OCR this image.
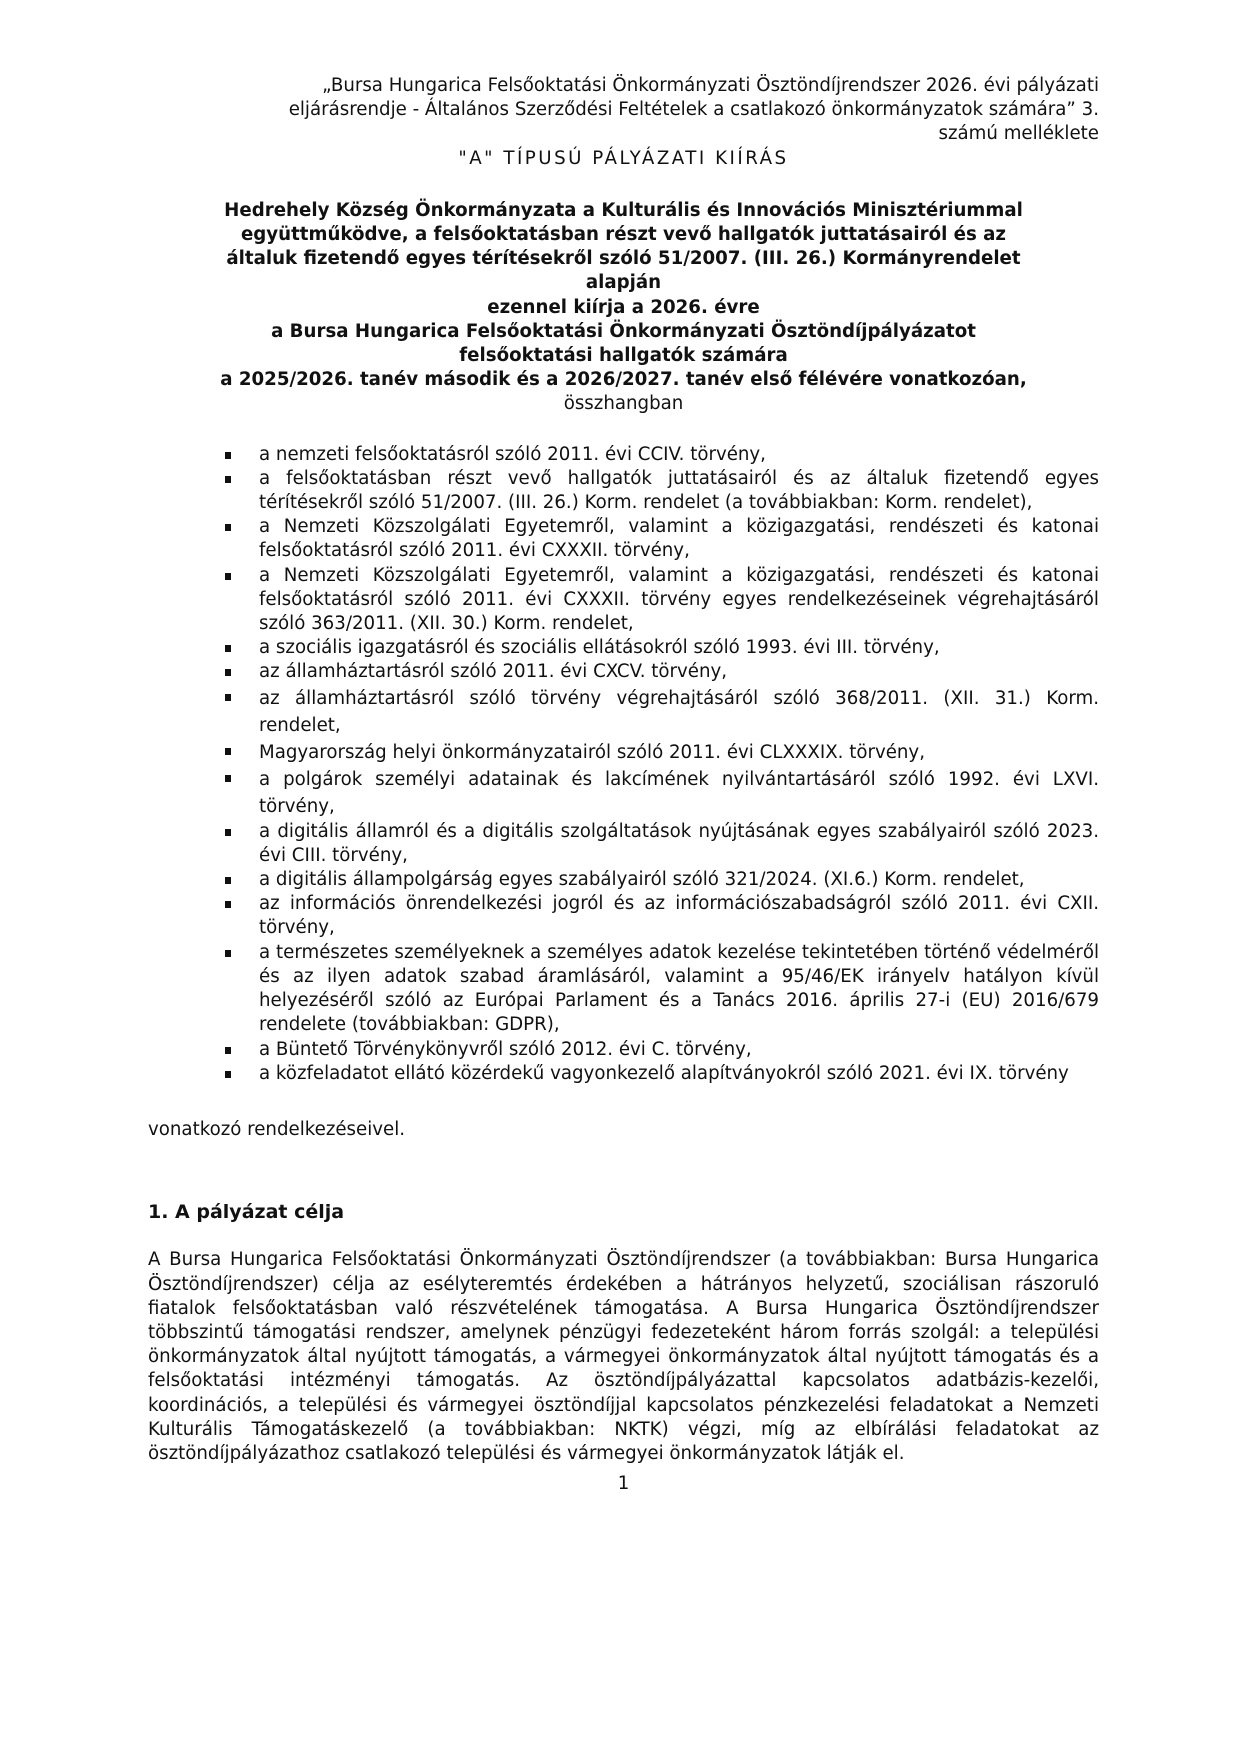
„Bursa Hungarica Felsőoktatási Önkormányzati Ösztöndíjrendszer 2026. évi pályázati
eljárásrendje - Általános Szerződési Feltételek a csatlakozó önkormányzatok számára” 3.
számú melléklete
"A" TÍPUSÚ PÁLYÁZATI KIÍRÁS
Hedrehely Község Önkormányzata a Kulturális és Innovációs Minisztériummal
együttműködve, a felsőoktatásban részt vevő hallgatók juttatásairól és az
általuk fizetendő egyes térítésekről szóló 51/2007. (III. 26.) Kormányrendelet
alapján
ezennel kiírja a 2026. évre
a Bursa Hungarica Felsőoktatási Önkormányzati Ösztöndíjpályázatot
felsőoktatási hallgatók számára
a 2025/2026. tanév második és a 2026/2027. tanév első félévére vonatkozóan,
összhangban
a nemzeti felsőoktatásról szóló 2011. évi CCIV. törvény,
a felsőoktatásban részt vevő hallgatók juttatásairól és az általuk fizetendő egyes térítésekről szóló 51/2007. (III. 26.) Korm. rendelet (a továbbiakban: Korm. rendelet),
a Nemzeti Közszolgálati Egyetemről, valamint a közigazgatási, rendészeti és katonai felsőoktatásról szóló 2011. évi CXXXII. törvény,
a Nemzeti Közszolgálati Egyetemről, valamint a közigazgatási, rendészeti és katonai felsőoktatásról szóló 2011. évi CXXXII. törvény egyes rendelkezéseinek végrehajtásáról szóló 363/2011. (XII. 30.) Korm. rendelet,
a szociális igazgatásról és szociális ellátásokról szóló 1993. évi III. törvény,
az államháztartásról szóló 2011. évi CXCV. törvény,
az államháztartásról szóló törvény végrehajtásáról szóló 368/2011. (XII. 31.) Korm. rendelet,
Magyarország helyi önkormányzatairól szóló 2011. évi CLXXXIX. törvény,
a polgárok személyi adatainak és lakcímének nyilvántartásáról szóló 1992. évi LXVI. törvény,
a digitális államról és a digitális szolgáltatások nyújtásának egyes szabályairól szóló 2023. évi CIII. törvény,
a digitális állampolgárság egyes szabályairól szóló 321/2024. (XI.6.) Korm. rendelet,
az információs önrendelkezési jogról és az információszabadságról szóló 2011. évi CXII. törvény,
a természetes személyeknek a személyes adatok kezelése tekintetében történő védelméről és az ilyen adatok szabad áramlásáról, valamint a 95/46/EK irányelv hatályon kívül helyezéséről szóló az Európai Parlament és a Tanács 2016. április 27-i (EU) 2016/679 rendelete (továbbiakban: GDPR),
a Büntető Törvénykönyvről szóló 2012. évi C. törvény,
a közfeladatot ellátó közérdekű vagyonkezelő alapítványokról szóló 2021. évi IX. törvény
vonatkozó rendelkezéseivel.
1. A pályázat célja
A Bursa Hungarica Felsőoktatási Önkormányzati Ösztöndíjrendszer (a továbbiakban: Bursa Hungarica Ösztöndíjrendszer) célja az esélyteremtés érdekében a hátrányos helyzetű, szociálisan rászoruló fiatalok felsőoktatásban való részvételének támogatása. A Bursa Hungarica Ösztöndíjrendszer többszintű támogatási rendszer, amelynek pénzügyi fedezeteként három forrás szolgál: a települési önkormányzatok által nyújtott támogatás, a vármegyei önkormányzatok által nyújtott támogatás és a felsőoktatási intézményi támogatás. Az ösztöndíjpályázattal kapcsolatos adatbázis-kezelői, koordinációs, a települési és vármegyei ösztöndíjjal kapcsolatos pénzkezelési feladatokat a Nemzeti Kulturális Támogatáskezelő (a továbbiakban: NKTK) végzi, míg az elbírálási feladatokat az ösztöndíjpályázathoz csatlakozó települési és vármegyei önkormányzatok látják el.
1
